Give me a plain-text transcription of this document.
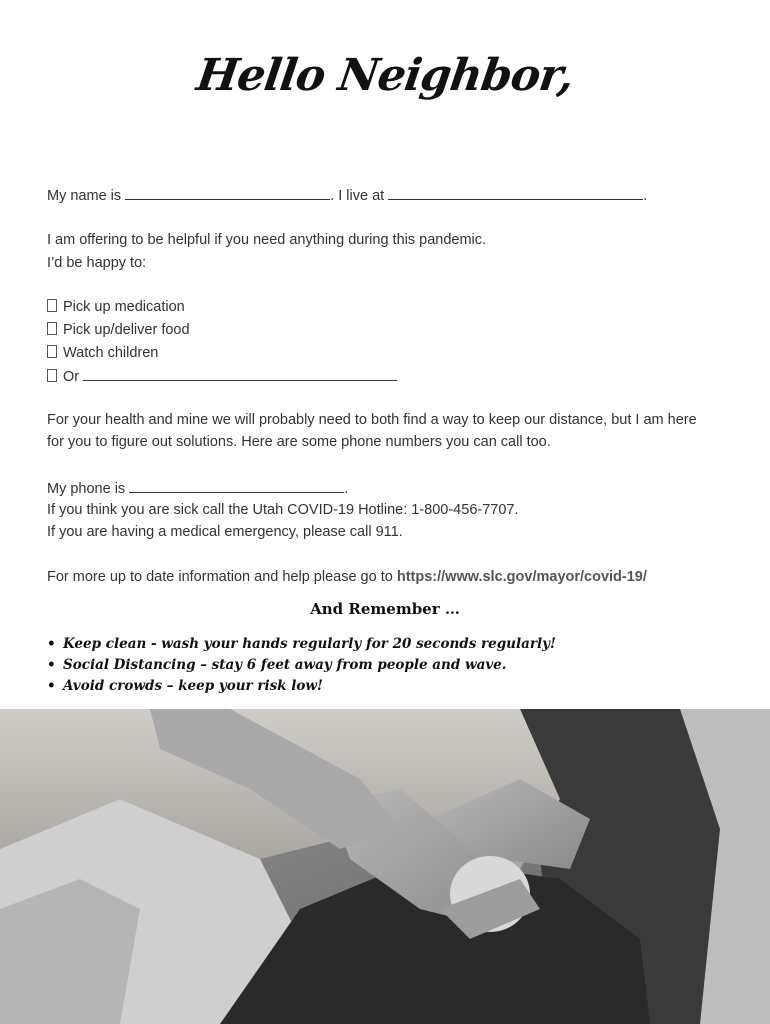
Hello Neighbor,
My name is	. I live at	.
I am offering to be helpful if you need anything during this pandemic.
I’d be happy to:
Pick up medication
Pick up/deliver food
Watch children
Or
For your health and mine we will probably need to both find a way to keep our distance, but I am here
for you to figure out solutions. Here are some phone numbers you can call too.
My phone is	.
If you think you are sick call the Utah COVID-19 Hotline: 1-800-456-7707.
If you are having a medical emergency, please call 911.
For more up to date information and help please go to https://www.slc.gov/mayor/covid-19/
And Remember …
• Keep clean - wash your hands regularly for 20 seconds regularly!
• Social Distancing – stay 6 feet away from people and wave.
• Avoid crowds – keep your risk low!
